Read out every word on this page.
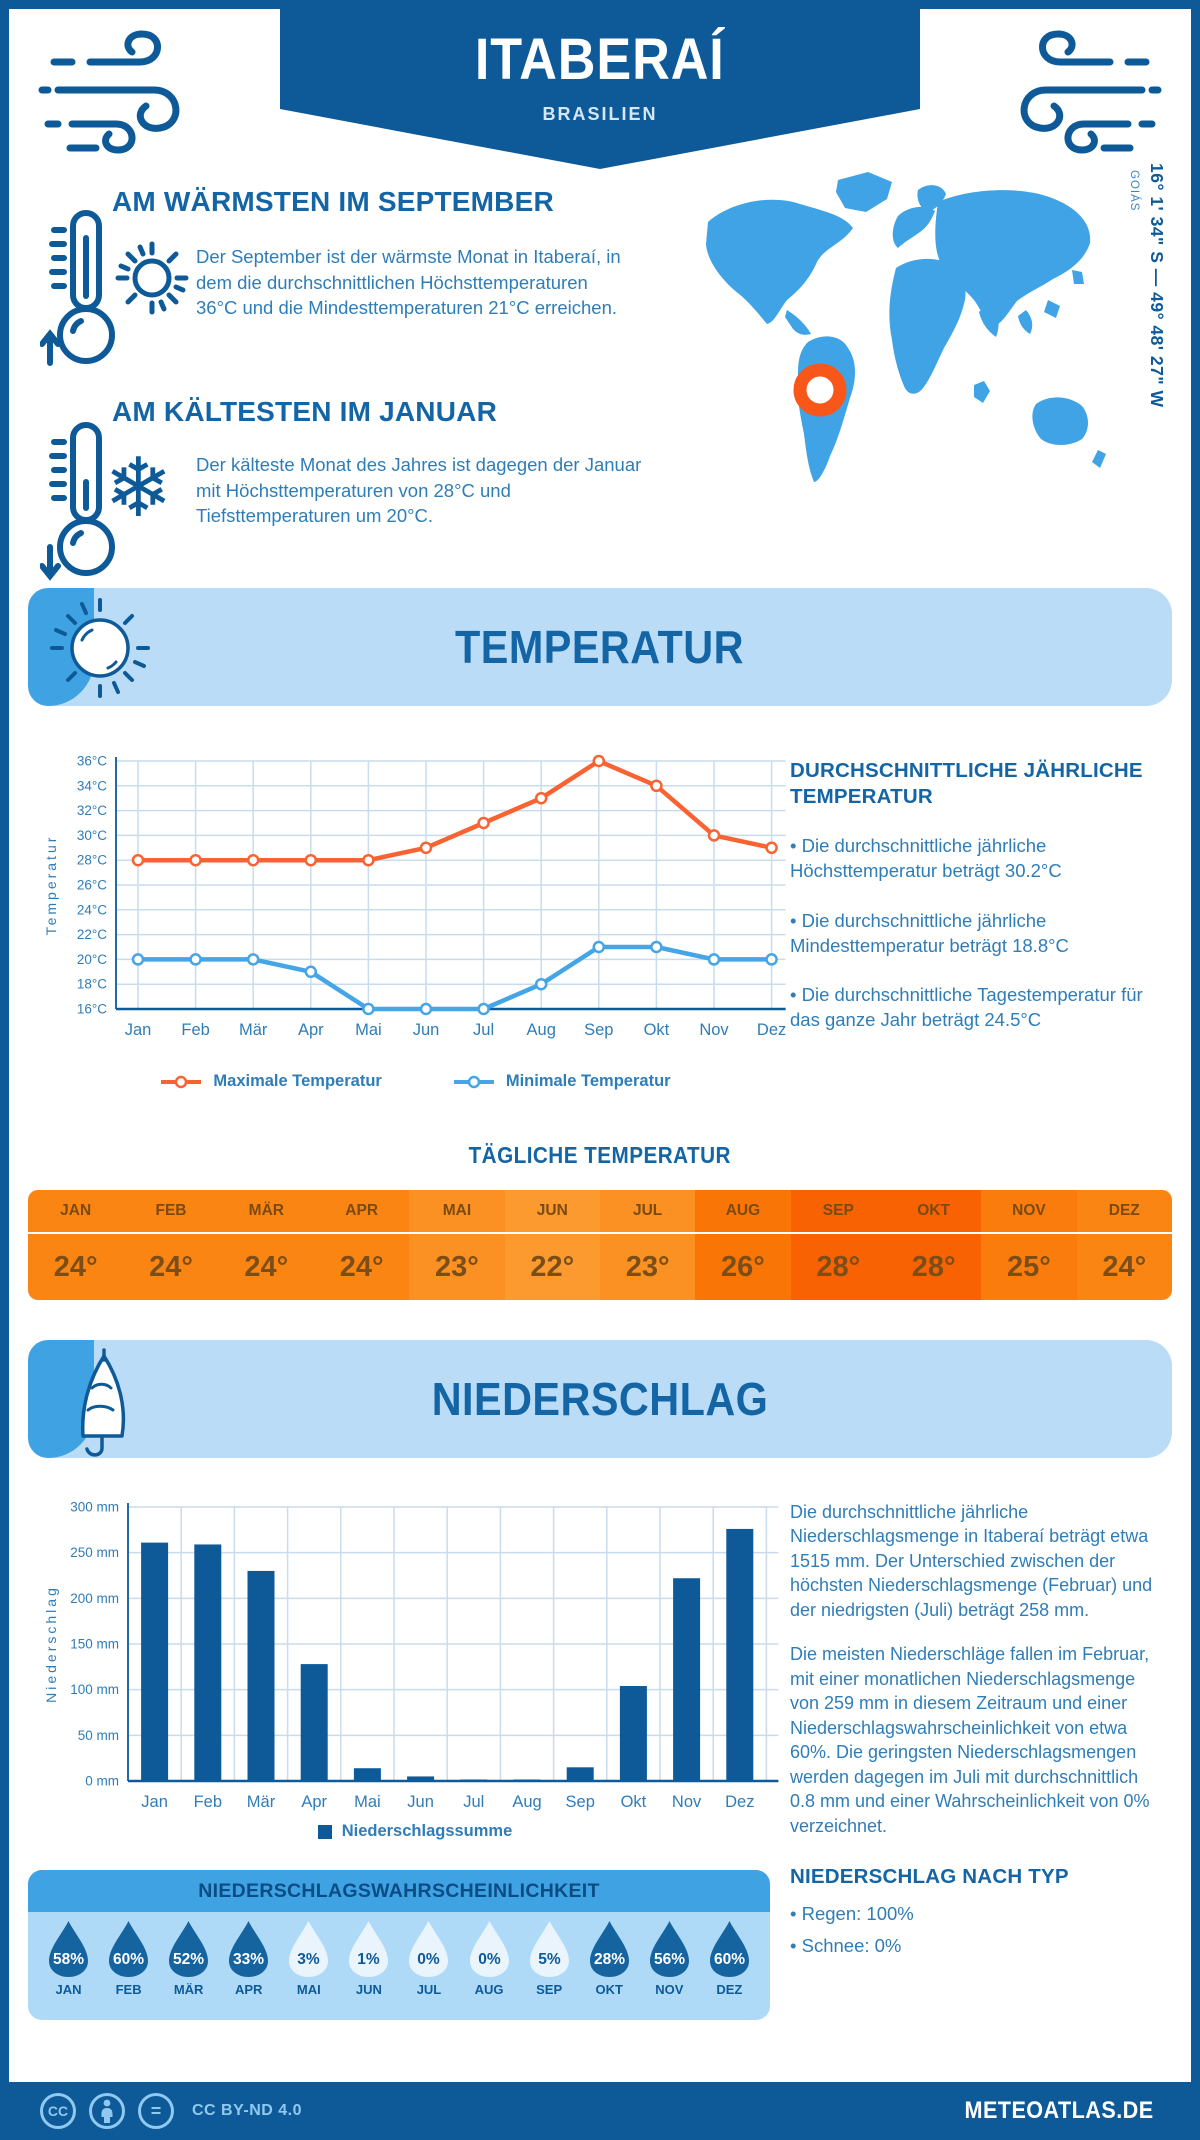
ITABERAÍ
BRASILIEN
AM WÄRMSTEN IM SEPTEMBER
Der September ist der wärmste Monat in Itaberaí, in dem die durchschnittlichen Höchsttemperaturen 36°C und die Mindesttemperaturen 21°C erreichen.
❄
AM KÄLTESTEN IM JANUAR
Der kälteste Monat des Jahres ist dagegen der Januar mit Höchsttemperaturen von 28°C und Tiefsttemperaturen um 20°C.
GOIÁS 16° 1' 34" S — 49° 48' 27" W
TEMPERATUR
36°C
34°C
32°C
30°C
28°C
26°C
24°C
22°C
20°C
18°C
16°C
Jan Feb Mär Apr Mai Jun Jul Aug Sep Okt Nov Dez
Temperatur
Maximale Temperatur	Minimale Temperatur
DURCHSCHNITTLICHE JÄHRLICHE TEMPERATUR
• Die durchschnittliche jährliche Höchsttemperatur beträgt 30.2°C
• Die durchschnittliche jährliche Mindesttemperatur beträgt 18.8°C
• Die durchschnittliche Tagestemperatur für das ganze Jahr beträgt 24.5°C
TÄGLICHE TEMPERATUR
JAN
24°
FEB
24°
MÄR
24°
APR
24°
MAI
23°
JUN
22°
JUL
23°
AUG
26°
SEP
28°
OKT
28°
NOV
25°
DEZ
24°
NIEDERSCHLAG
0 mm
50 mm
100 mm
150 mm
200 mm
250 mm
300 mm
Jan Feb Mär Apr Mai Jun Jul Aug Sep Okt Nov Dez
Niederschlag
Niederschlagssumme
NIEDERSCHLAGSWAHRSCHEINLICHKEIT
58%
JAN
60%
FEB
52%
MÄR
33%
APR
3%
MAI
1%
JUN
0%
JUL
0%
AUG
5%
SEP
28%
OKT
56%
NOV
60%
DEZ
Die durchschnittliche jährliche Niederschlagsmenge in Itaberaí beträgt etwa 1515 mm. Der Unterschied zwischen der höchsten Niederschlagsmenge (Februar) und der niedrigsten (Juli) beträgt 258 mm.
Die meisten Niederschläge fallen im Februar, mit einer monatlichen Niederschlagsmenge von 259 mm in diesem Zeitraum und einer Niederschlagswahrscheinlichkeit von etwa 60%. Die geringsten Niederschlagsmengen werden dagegen im Juli mit durchschnittlich 0.8 mm und einer Wahrscheinlichkeit von 0% verzeichnet.
NIEDERSCHLAG NACH TYP
• Regen: 100%
• Schnee: 0%
CC	=	CC BY-ND 4.0	METEOATLAS.DE
